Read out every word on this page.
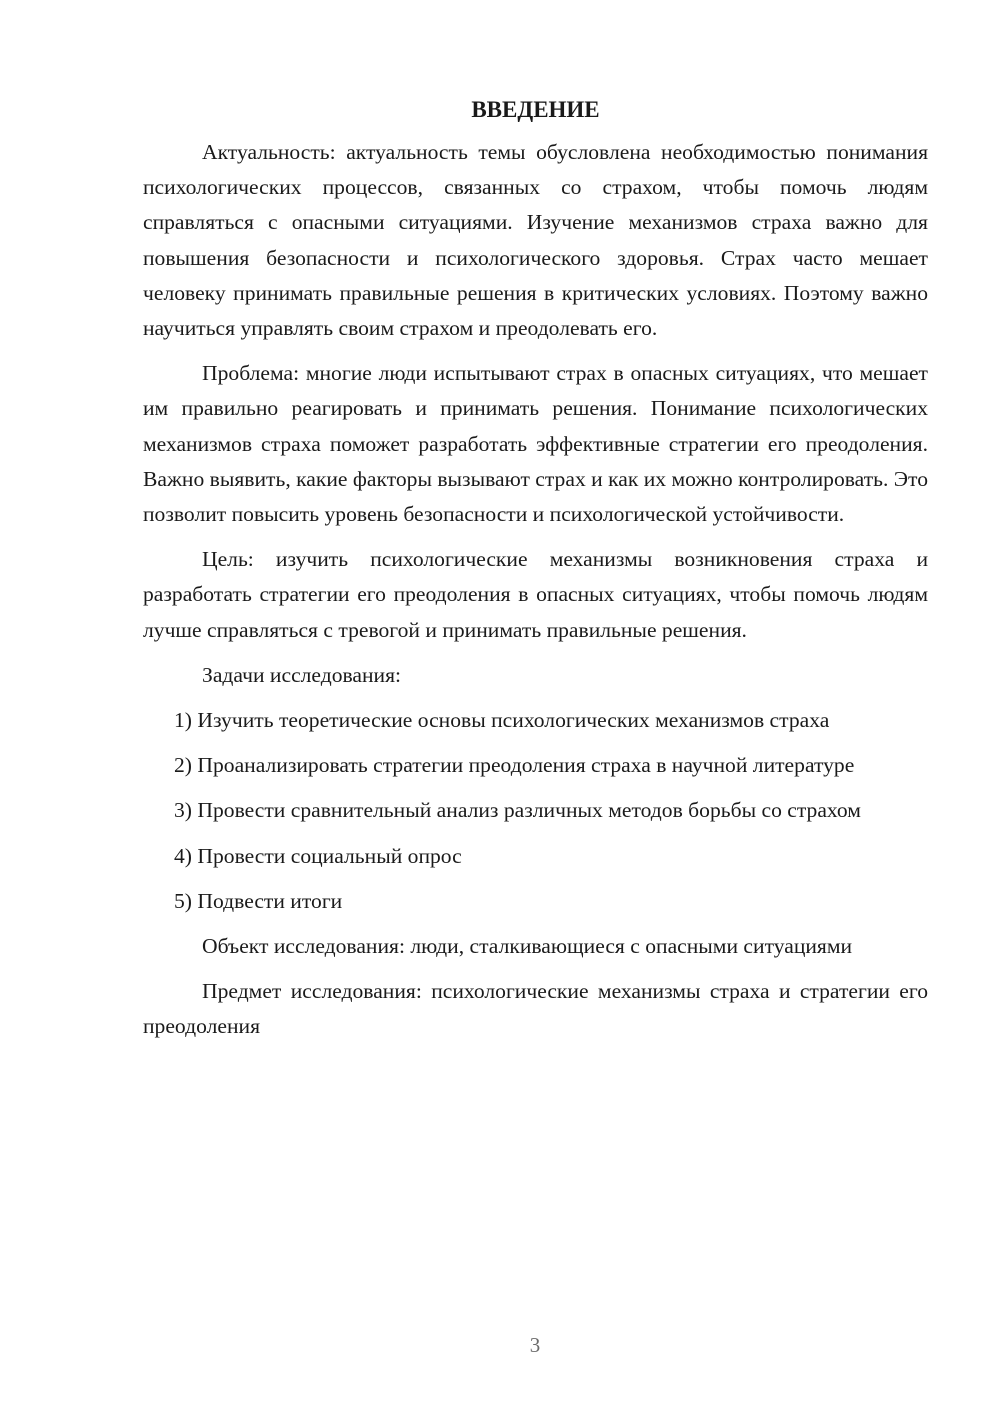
ВВЕДЕНИЕ

Актуальность: актуальность темы обусловлена необходимостью понимания психологических процессов, связанных со страхом, чтобы помочь людям справляться с опасными ситуациями. Изучение механизмов страха важно для повышения безопасности и психологического здоровья. Страх часто мешает человеку принимать правильные решения в критических условиях. Поэтому важно научиться управлять своим страхом и преодолевать его.

Проблема: многие люди испытывают страх в опасных ситуациях, что мешает им правильно реагировать и принимать решения. Понимание психологических механизмов страха поможет разработать эффективные стратегии его преодоления. Важно выявить, какие факторы вызывают страх и как их можно контролировать. Это позволит повысить уровень безопасности и психологической устойчивости.

Цель: изучить психологические механизмы возникновения страха и разработать стратегии его преодоления в опасных ситуациях, чтобы помочь людям лучше справляться с тревогой и принимать правильные решения.

Задачи исследования:

1) Изучить теоретические основы психологических механизмов страха

2) Проанализировать стратегии преодоления страха в научной литературе

3) Провести сравнительный анализ различных методов борьбы со страхом

4) Провести социальный опрос

5) Подвести итоги

Объект исследования: люди, сталкивающиеся с опасными ситуациями

Предмет исследования: психологические механизмы страха и стратегии его преодоления

3
